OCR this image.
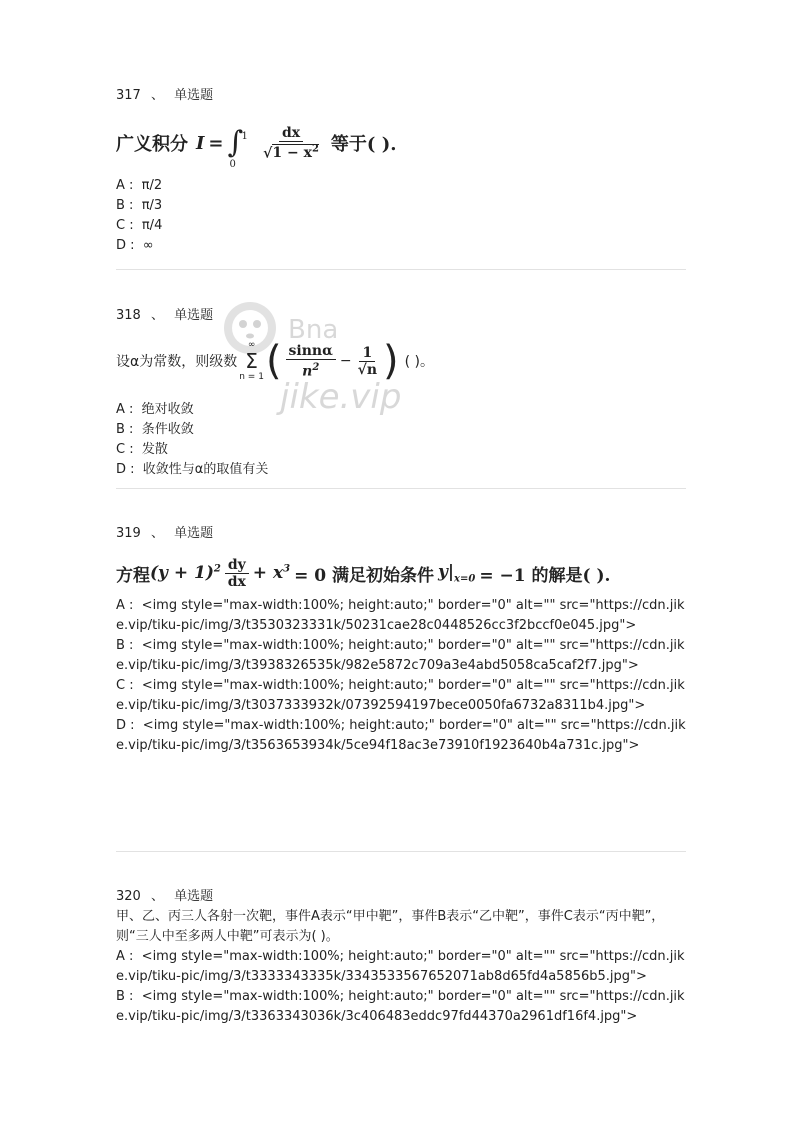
Bna
jike.vip
317 、 单选题
广义积分 I = ∫
1
0
$\frac{dx}{√1 - x^2}$ 等于( ).
A : π/2
B : π/3
C : π/4
D : ∞
318 、 单选题
设α为常数，则级数
∞
Σ
n = 1 ( $\frac{\sin n\alpha}{n^2} - \frac{1}{√n}$ ) ( )。
A : 绝对收敛
B : 条件收敛
C : 发散
D : 收敛性与α的取值有关
319 、 单选题
方程 $(y + 1)^2 \frac{dy}{dx} + x^3 = 0$ 满足初始条件 $y|_{x=0} = -1$ 的解是( ).
A : <img style="max-width:100%; height:auto;" border="0" alt="" src="https://cdn.jike.vip/tiku-pic/img/3/t3530323331k/50231cae28c0448526cc3f2bccf0e045.jpg">
B : <img style="max-width:100%; height:auto;" border="0" alt="" src="https://cdn.jike.vip/tiku-pic/img/3/t3938326535k/982e5872c709a3e4abd5058ca5caf2f7.jpg">
C : <img style="max-width:100%; height:auto;" border="0" alt="" src="https://cdn.jike.vip/tiku-pic/img/3/t3037333932k/07392594197bece0050fa6732a8311b4.jpg">
D : <img style="max-width:100%; height:auto;" border="0" alt="" src="https://cdn.jike.vip/tiku-pic/img/3/t3563653934k/5ce94f18ac3e73910f1923640b4a731c.jpg">
320 、 单选题
甲、乙、丙三人各射一次靶，事件A表示“甲中靶”，事件B表示“乙中靶”，事件C表示“丙中靶”，则“三人中至多两人中靶”可表示为( )。
A : <img style="max-width:100%; height:auto;" border="0" alt="" src="https://cdn.jike.vip/tiku-pic/img/3/t3333343335k/3343533567652071ab8d65fd4a5856b5.jpg">
B : <img style="max-width:100%; height:auto;" border="0" alt="" src="https://cdn.jike.vip/tiku-pic/img/3/t3363343036k/3c406483eddc97fd44370a2961df16f4.jpg">
